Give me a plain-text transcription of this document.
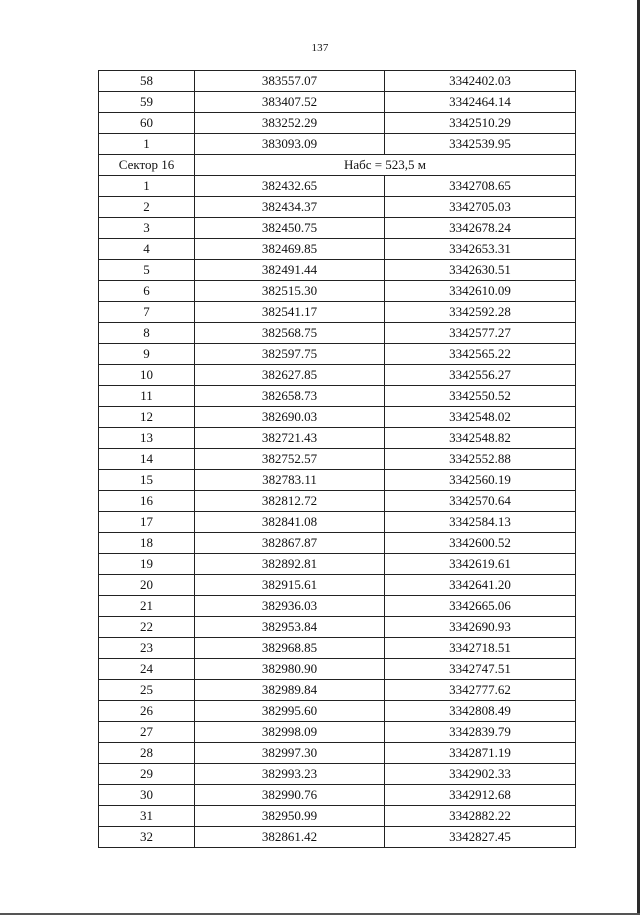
137
58	383557.07	3342402.03
59	383407.52	3342464.14
60	383252.29	3342510.29
1	383093.09	3342539.95
Сектор 16	Набс = 523,5 м	
1	382432.65	3342708.65
2	382434.37	3342705.03
3	382450.75	3342678.24
4	382469.85	3342653.31
5	382491.44	3342630.51
6	382515.30	3342610.09
7	382541.17	3342592.28
8	382568.75	3342577.27
9	382597.75	3342565.22
10	382627.85	3342556.27
11	382658.73	3342550.52
12	382690.03	3342548.02
13	382721.43	3342548.82
14	382752.57	3342552.88
15	382783.11	3342560.19
16	382812.72	3342570.64
17	382841.08	3342584.13
18	382867.87	3342600.52
19	382892.81	3342619.61
20	382915.61	3342641.20
21	382936.03	3342665.06
22	382953.84	3342690.93
23	382968.85	3342718.51
24	382980.90	3342747.51
25	382989.84	3342777.62
26	382995.60	3342808.49
27	382998.09	3342839.79
28	382997.30	3342871.19
29	382993.23	3342902.33
30	382990.76	3342912.68
31	382950.99	3342882.22
32	382861.42	3342827.45
